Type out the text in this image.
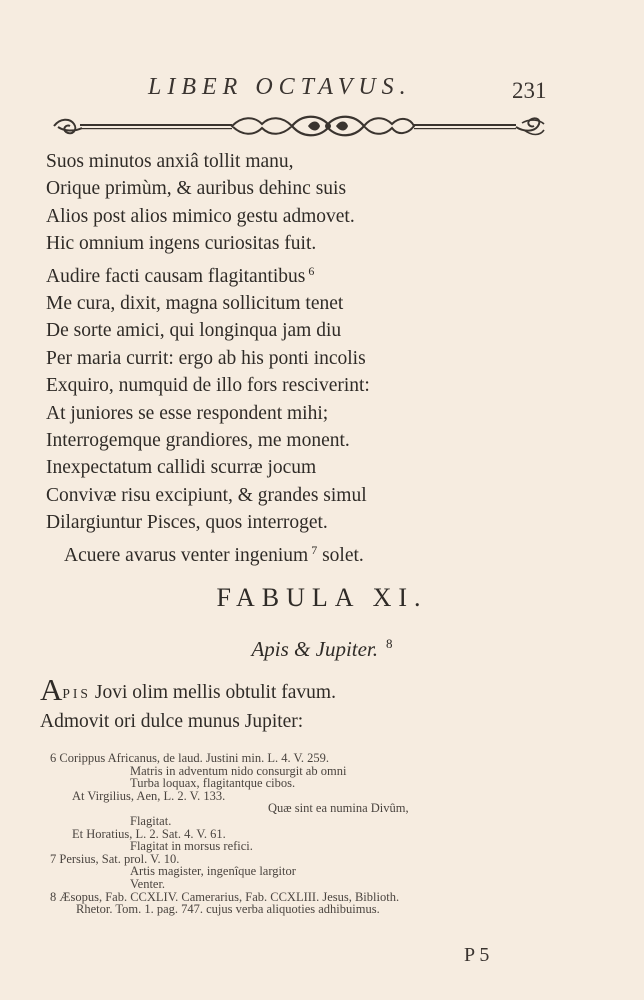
LIBER OCTAVUS.	231
Suos minutos anxiâ tollit manu,
Orique primùm, & auribus dehinc suis
Alios post alios mimico gestu admovet.
Hic omnium ingens curiositas fuit.
Audire facti causam flagitantibus $^6$
Me cura, dixit, magna sollicitum tenet
De sorte amici, qui longinqua jam diu
Per maria currit: ergo ab his ponti incolis
Exquiro, numquid de illo fors resciverint:
At juniores se esse respondent mihi;
Interrogemque grandiores, me monent.
Inexpectatum callidi scurræ jocum
Convivæ risu excipiunt, & grandes simul
Dilargiuntur Pisces, quos interroget.
Acuere avarus venter ingenium $^7$ solet.
FABULA XI.
Apis & Jupiter. $^8$
APIS Jovi olim mellis obtulit favum.
Admovit ori dulce munus Jupiter:
6 Corippus Africanus, de laud. Justini min. L. 4. V. 259.
Matris in adventum nido consurgit ab omni
Turba loquax, flagitantque cibos.
At Virgilius, Aen, L. 2. V. 133.
Quæ sint ea numina Divûm,
Flagitat.
Et Horatius, L. 2. Sat. 4. V. 61.
Flagitat in morsus refici.
7 Persius, Sat. prol. V. 10.
Artis magister, ingenîque largitor
Venter.
8 Æsopus, Fab. CCXLIV. Camerarius, Fab. CCXLIII. Jesus, Biblioth.
Rhetor. Tom. 1. pag. 747. cujus verba aliquoties adhibuimus.
P 5
